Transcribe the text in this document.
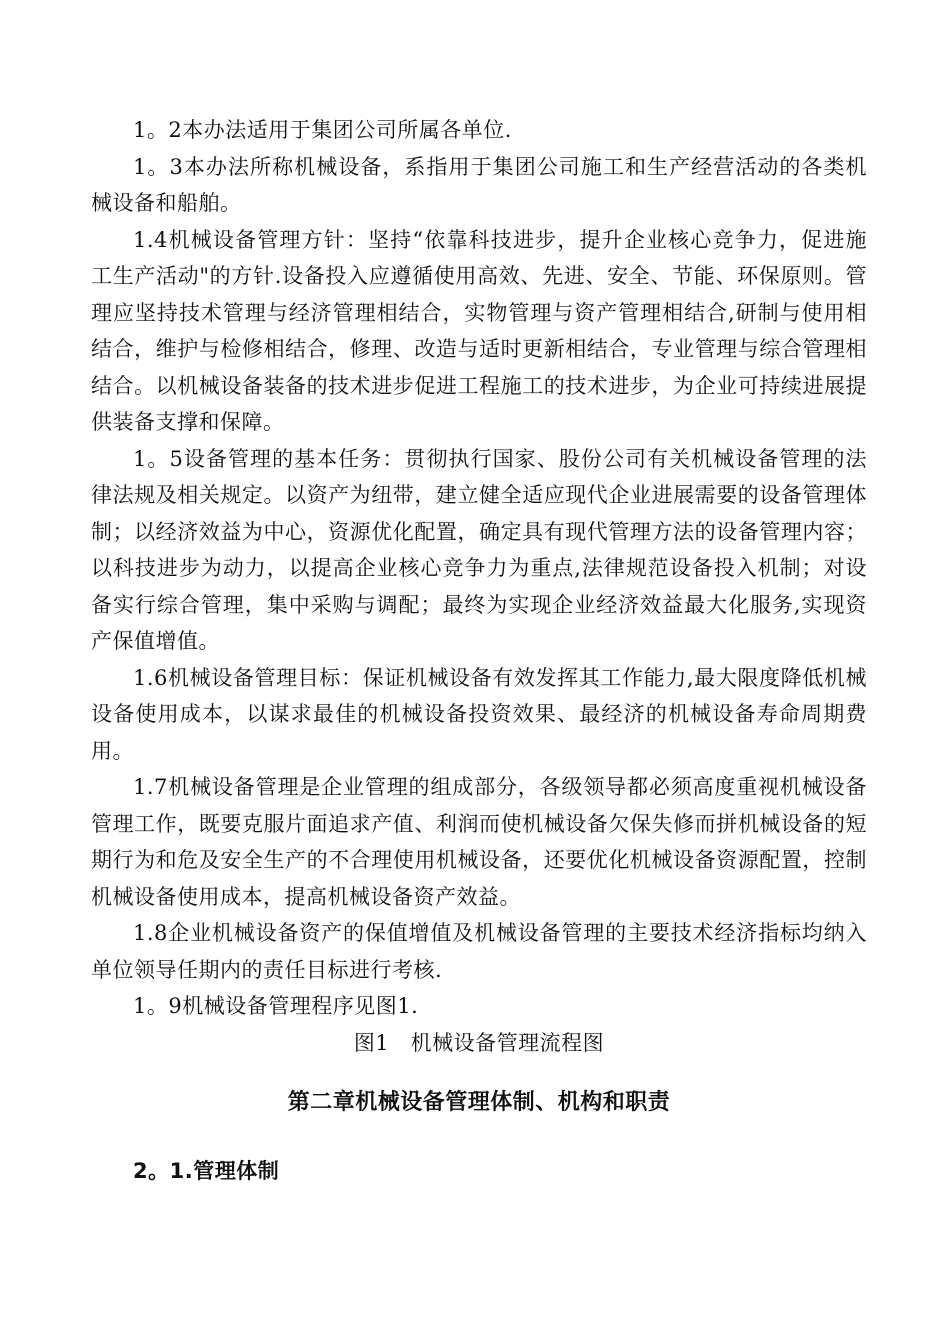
1。2本办法适用于集团公司所属各单位.

1。3本办法所称机械设备，系指用于集团公司施工和生产经营活动的各类机械设备和船舶。

1.4机械设备管理方针：坚持“依靠科技进步，提升企业核心竞争力，促进施工生产活动"的方针.设备投入应遵循使用高效、先进、安全、节能、环保原则。管理应坚持技术管理与经济管理相结合，实物管理与资产管理相结合,研制与使用相结合，维护与检修相结合，修理、改造与适时更新相结合，专业管理与综合管理相结合。以机械设备装备的技术进步促进工程施工的技术进步，为企业可持续进展提供装备支撑和保障。

1。5设备管理的基本任务：贯彻执行国家、股份公司有关机械设备管理的法律法规及相关规定。以资产为纽带，建立健全适应现代企业进展需要的设备管理体制；以经济效益为中心，资源优化配置，确定具有现代管理方法的设备管理内容；以科技进步为动力，以提高企业核心竞争力为重点,法律规范设备投入机制；对设备实行综合管理，集中采购与调配；最终为实现企业经济效益最大化服务,实现资产保值增值。

1.6机械设备管理目标：保证机械设备有效发挥其工作能力,最大限度降低机械设备使用成本，以谋求最佳的机械设备投资效果、最经济的机械设备寿命周期费用。

1.7机械设备管理是企业管理的组成部分，各级领导都必须高度重视机械设备管理工作，既要克服片面追求产值、利润而使机械设备欠保失修而拼机械设备的短期行为和危及安全生产的不合理使用机械设备，还要优化机械设备资源配置，控制机械设备使用成本，提高机械设备资产效益。

1.8企业机械设备资产的保值增值及机械设备管理的主要技术经济指标均纳入单位领导任期内的责任目标进行考核.

1。9机械设备管理程序见图1.

图1　机械设备管理流程图

第二章机械设备管理体制、机构和职责
2。1.管理体制
